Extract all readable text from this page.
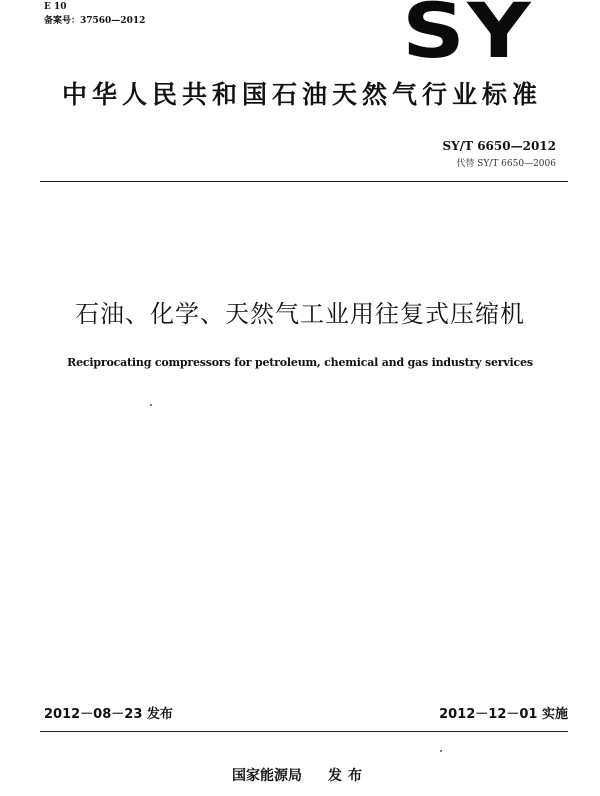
E 10
备案号：37560—2012	SY
中华人民共和国石油天然气行业标准
SY/T 6650—2012
代替 SY/T 6650—2006
石油、化学、天然气工业用往复式压缩机
Reciprocating compressors for petroleum, chemical and gas industry services
2012－08－23 发布	2012－12－01 实施
国家能源局 发布
